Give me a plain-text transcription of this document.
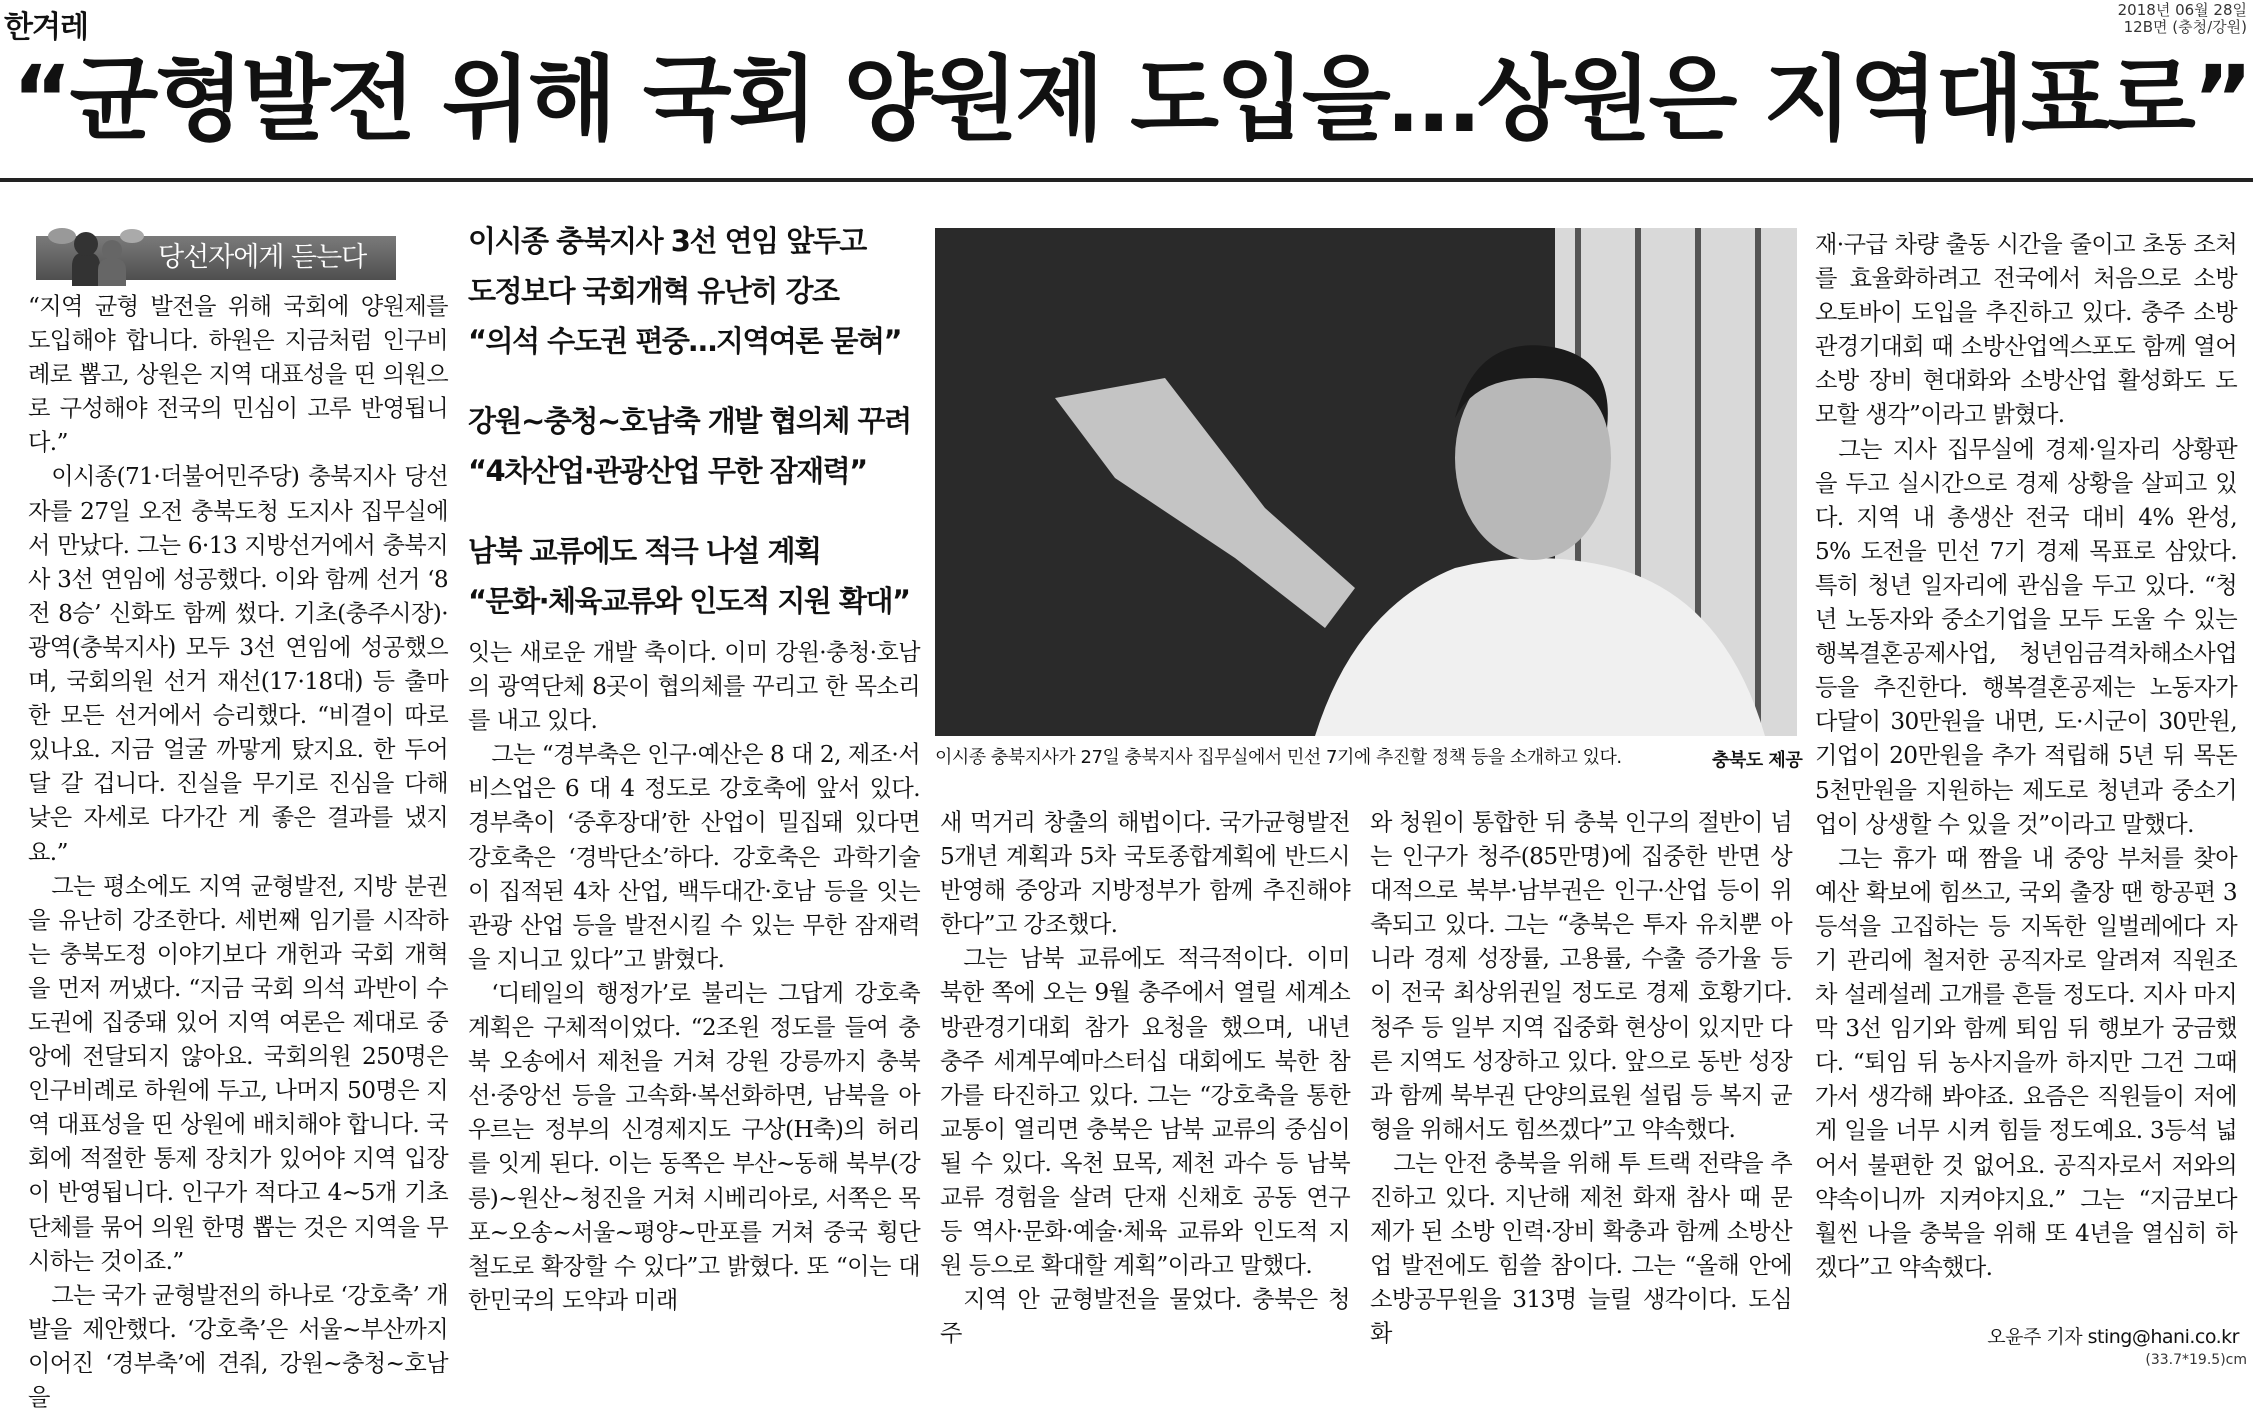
한겨레	2018년 06월 28일
12B면 (충청/강원)
“균형발전 위해 국회 양원제 도입을…상원은 지역대표로”
당선자에게 듣는다	이시종 충북지사 3선 연임 앞두고
도정보다 국회개혁 유난히 강조
“의석 수도권 편중…지역여론 묻혀”
강원~충청~호남축 개발 협의체 꾸려
“4차산업·관광산업 무한 잠재력”
남북 교류에도 적극 나설 계획
“문화·체육교류와 인도적 지원 확대”
이시종 충북지사가 27일 충북지사 집무실에서 민선 7기에 추진할 정책 등을 소개하고 있다.	충북도 제공

“지역 균형 발전을 위해 국회에 양원제를 도입해야 합니다. 하원은 지금처럼 인구비례로 뽑고, 상원은 지역 대표성을 띤 의원으로 구성해야 전국의 민심이 고루 반영됩니다.”

이시종(71·더불어민주당) 충북지사 당선자를 27일 오전 충북도청 도지사 집무실에서 만났다. 그는 6·13 지방선거에서 충북지사 3선 연임에 성공했다. 이와 함께 선거 ‘8전 8승’ 신화도 함께 썼다. 기초(충주시장)·광역(충북지사) 모두 3선 연임에 성공했으며, 국회의원 선거 재선(17·18대) 등 출마한 모든 선거에서 승리했다. “비결이 따로 있나요. 지금 얼굴 까맣게 탔지요. 한 두어달 갈 겁니다. 진실을 무기로 진심을 다해 낮은 자세로 다가간 게 좋은 결과를 냈지요.”

그는 평소에도 지역 균형발전, 지방 분권을 유난히 강조한다. 세번째 임기를 시작하는 충북도정 이야기보다 개헌과 국회 개혁을 먼저 꺼냈다. “지금 국회 의석 과반이 수도권에 집중돼 있어 지역 여론은 제대로 중앙에 전달되지 않아요. 국회의원 250명은 인구비례로 하원에 두고, 나머지 50명은 지역 대표성을 띤 상원에 배치해야 합니다. 국회에 적절한 통제 장치가 있어야 지역 입장이 반영됩니다. 인구가 적다고 4~5개 기초단체를 묶어 의원 한명 뽑는 것은 지역을 무시하는 것이죠.”

그는 국가 균형발전의 하나로 ‘강호축’ 개발을 제안했다. ‘강호축’은 서울~부산까지 이어진 ‘경부축’에 견줘, 강원~충청~호남을

잇는 새로운 개발 축이다. 이미 강원·충청·호남의 광역단체 8곳이 협의체를 꾸리고 한 목소리를 내고 있다.

그는 “경부축은 인구·예산은 8 대 2, 제조·서비스업은 6 대 4 정도로 강호축에 앞서 있다. 경부축이 ‘중후장대’한 산업이 밀집돼 있다면 강호축은 ‘경박단소’하다. 강호축은 과학기술이 집적된 4차 산업, 백두대간·호남 등을 잇는 관광 산업 등을 발전시킬 수 있는 무한 잠재력을 지니고 있다”고 밝혔다.

‘디테일의 행정가’로 불리는 그답게 강호축 계획은 구체적이었다. “2조원 정도를 들여 충북 오송에서 제천을 거쳐 강원 강릉까지 충북선·중앙선 등을 고속화·복선화하면, 남북을 아우르는 정부의 신경제지도 구상(H축)의 허리를 잇게 된다. 이는 동쪽은 부산~동해 북부(강릉)~원산~청진을 거쳐 시베리아로, 서쪽은 목포~오송~서울~평양~만포를 거쳐 중국 횡단철도로 확장할 수 있다”고 밝혔다. 또 “이는 대한민국의 도약과 미래

새 먹거리 창출의 해법이다. 국가균형발전 5개년 계획과 5차 국토종합계획에 반드시 반영해 중앙과 지방정부가 함께 추진해야 한다”고 강조했다.

그는 남북 교류에도 적극적이다. 이미 북한 쪽에 오는 9월 충주에서 열릴 세계소방관경기대회 참가 요청을 했으며, 내년 충주 세계무예마스터십 대회에도 북한 참가를 타진하고 있다. 그는 “강호축을 통한 교통이 열리면 충북은 남북 교류의 중심이 될 수 있다. 옥천 묘목, 제천 과수 등 남북 교류 경험을 살려 단재 신채호 공동 연구 등 역사·문화·예술·체육 교류와 인도적 지원 등으로 확대할 계획”이라고 말했다.

지역 안 균형발전을 물었다. 충북은 청주

와 청원이 통합한 뒤 충북 인구의 절반이 넘는 인구가 청주(85만명)에 집중한 반면 상대적으로 북부·남부권은 인구·산업 등이 위축되고 있다. 그는 “충북은 투자 유치뿐 아니라 경제 성장률, 고용률, 수출 증가율 등이 전국 최상위권일 정도로 경제 호황기다. 청주 등 일부 지역 집중화 현상이 있지만 다른 지역도 성장하고 있다. 앞으로 동반 성장과 함께 북부권 단양의료원 설립 등 복지 균형을 위해서도 힘쓰겠다”고 약속했다.

그는 안전 충북을 위해 투 트랙 전략을 추진하고 있다. 지난해 제천 화재 참사 때 문제가 된 소방 인력·장비 확충과 함께 소방산업 발전에도 힘쓸 참이다. 그는 “올해 안에 소방공무원을 313명 늘릴 생각이다. 도심 화

재·구급 차량 출동 시간을 줄이고 초동 조처를 효율화하려고 전국에서 처음으로 소방 오토바이 도입을 추진하고 있다. 충주 소방관경기대회 때 소방산업엑스포도 함께 열어 소방 장비 현대화와 소방산업 활성화도 도모할 생각”이라고 밝혔다.

그는 지사 집무실에 경제·일자리 상황판을 두고 실시간으로 경제 상황을 살피고 있다. 지역 내 총생산 전국 대비 4% 완성, 5% 도전을 민선 7기 경제 목표로 삼았다. 특히 청년 일자리에 관심을 두고 있다. “청년 노동자와 중소기업을 모두 도울 수 있는 행복결혼공제사업, 청년임금격차해소사업 등을 추진한다. 행복결혼공제는 노동자가 다달이 30만원을 내면, 도·시군이 30만원, 기업이 20만원을 추가 적립해 5년 뒤 목돈 5천만원을 지원하는 제도로 청년과 중소기업이 상생할 수 있을 것”이라고 말했다.

그는 휴가 때 짬을 내 중앙 부처를 찾아 예산 확보에 힘쓰고, 국외 출장 땐 항공편 3등석을 고집하는 등 지독한 일벌레에다 자기 관리에 철저한 공직자로 알려져 직원조차 설레설레 고개를 흔들 정도다. 지사 마지막 3선 임기와 함께 퇴임 뒤 행보가 궁금했다. “퇴임 뒤 농사지을까 하지만 그건 그때 가서 생각해 봐야죠. 요즘은 직원들이 저에게 일을 너무 시켜 힘들 정도예요. 3등석 넓어서 불편한 것 없어요. 공직자로서 저와의 약속이니까 지켜야지요.” 그는 “지금보다 훨씬 나을 충북을 위해 또 4년을 열심히 하겠다”고 약속했다.

오윤주 기자 sting@hani.co.kr
(33.7*19.5)cm
